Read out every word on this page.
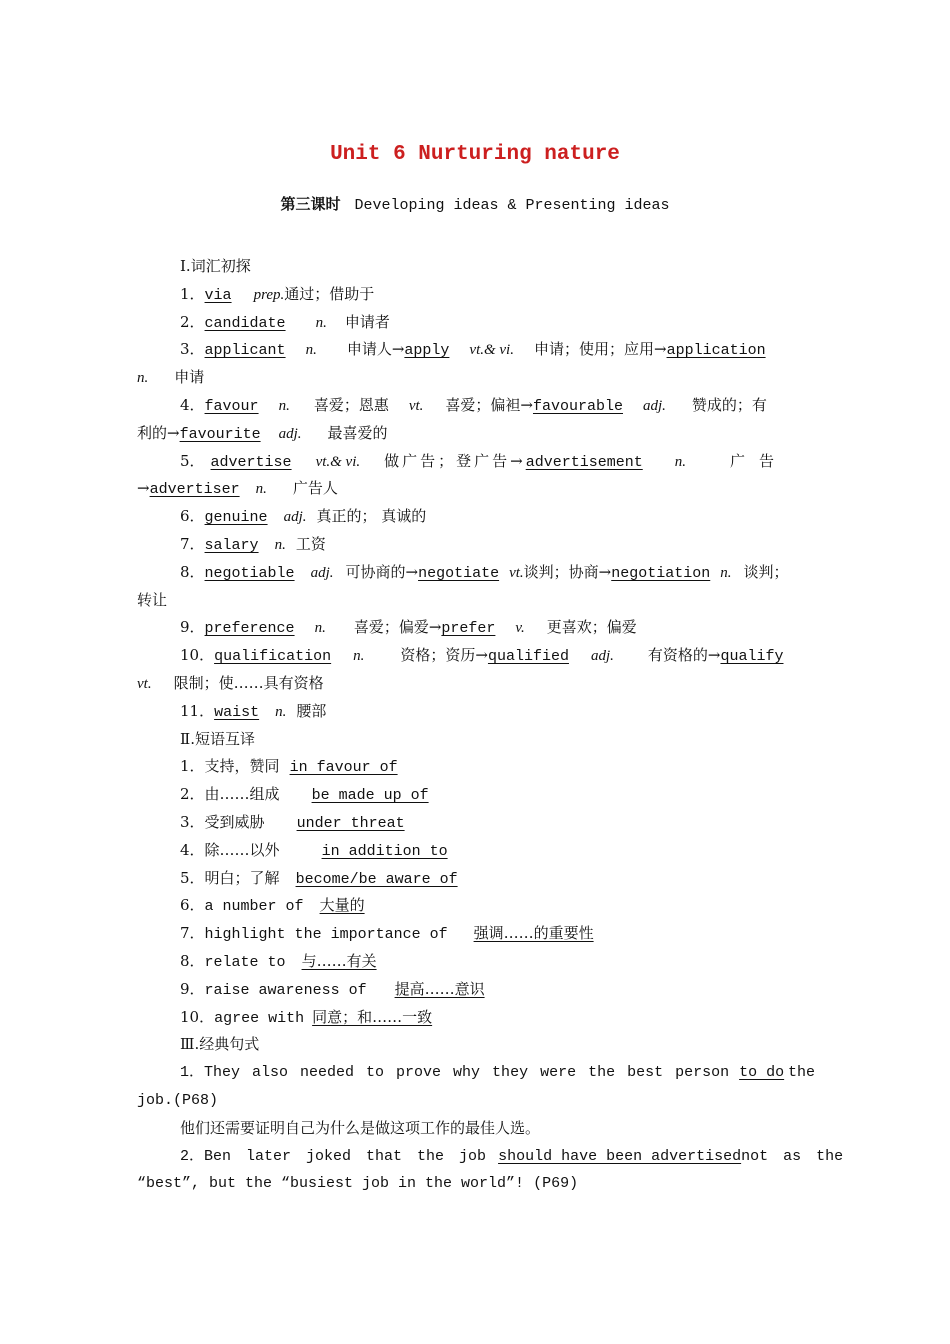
Unit 6 Nurturing nature
第三课时 Developing ideas & Presenting ideas
Ⅰ.词汇初探
1．via prep.通过；借助于
2．candidate n. 申请者
3．applicant n. 申请人→apply vt.& vi. 申请；使用；应用→application
n. 申请
4．favour n. 喜爱；恩惠 vt. 喜爱；偏袒→favourable adj. 赞成的；有
利的→favourite adj. 最喜爱的
5． advertise vt.& vi. 做广告；登广告→advertisement n.	广告
→advertiser n. 广告人
6．genuine adj. 真正的； 真诚的
7．salary n. 工资
8．negotiable adj. 可协商的→negotiate vt.谈判；协商→negotiation n. 谈判；
转让
9．preference n. 喜爱；偏爱→prefer v. 更喜欢；偏爱
10．qualification n. 资格；资历→qualified adj. 有资格的→qualify
vt. 限制；使……具有资格
11．waist n. 腰部
Ⅱ.短语互译
1．支持，赞同 in favour of
2．由……组成 be made up of
3．受到威胁 under threat
4．除……以外	in addition to
5．明白；了解 become/be aware of
6．a number of 大量的
7．highlight the importance of 强调……的重要性
8．relate to 与……有关
9．raise awareness of 提高……意识
10．agree with 同意；和……一致
Ⅲ.经典句式
1．They also needed to prove why they were the best person to do the
job.(P68)
他们还需要证明自己为什么是做这项工作的最佳人选。
2．Ben later joked that the job should have been advertised not as the
“best”, but the “busiest job in the world”! (P69)
